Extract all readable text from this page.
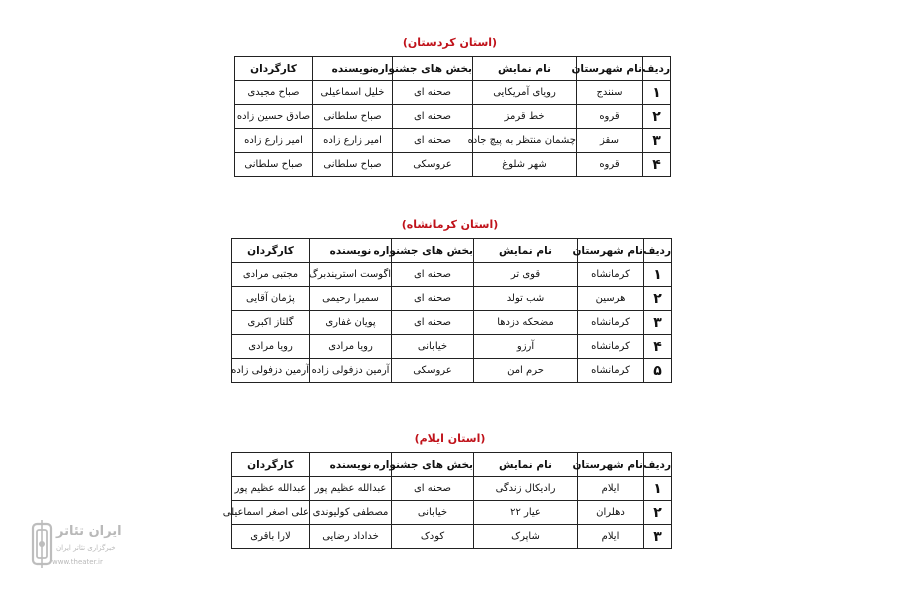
(استان کردستان)
ردیف	نام شهرستان	نام نمایش	بخش های جشنواره	نویسنده	کارگردان
۱	سنندج	رویای آمریکایی	صحنه ای	خلیل اسماعیلی	صباح مجیدی
۲	قروه	خط قرمز	صحنه ای	صباح سلطانی	صادق حسین زاده
۳	سقز	چشمان منتظر به پیچ جاده	صحنه ای	امیر زارع زاده	امیر زارع زاده
۴	قروه	شهر شلوغ	عروسکی	صباح سلطانی	صباح سلطانی
(استان کرمانشاه)
ردیف	نام شهرستان	نام نمایش	بخش های جشنواره	نویسنده	کارگردان
۱	کرمانشاه	قوی تر	صحنه ای	اگوست استریندبرگ	مجتبی مرادی
۲	هرسین	شب تولد	صحنه ای	سمیرا رحیمی	پژمان آقایی
۳	کرمانشاه	مضحکه دزدها	صحنه ای	پویان غفاری	گلناز اکبری
۴	کرمانشاه	آرزو	خیابانی	رویا مرادی	رویا مرادی
۵	کرمانشاه	حرم امن	عروسکی	آرمین دزفولی زاده	آرمین دزفولی زاده
(استان ایلام)
ردیف	نام شهرستان	نام نمایش	بخش های جشنواره	نویسنده	کارگردان
۱	ایلام	رادیکال زندگی	صحنه ای	عبدالله عظیم پور	عبدالله عظیم پور
۲	دهلران	عیار ۲۲	خیابانی	مصطفی کولیوندی	علی اصغر اسماعیلی
۳	ایلام	شاپرک	کودک	خداداد رضایی	لارا باقری
ایران تئاتر
خبرگزاری تئاتر ایران
www.theater.ir
